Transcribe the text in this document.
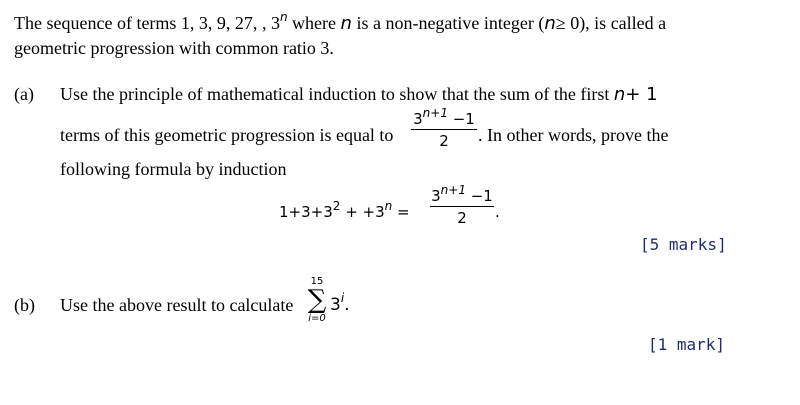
The sequence of terms 1, 3, 9, 27, , 3$^n$ where n is a non-negative integer (n≥ 0), is called a
geometric progression with common ratio 3.
(a) Use the principle of mathematical induction to show that the sum of the first n+ 1
terms of this geometric progression is equal to
$3^{n+1} -1$
2	. In other words, prove the
following formula by induction
$1+3+3^2 + +3^n$ =
$3^{n+1} -1$
2	.
[5 marks]
(b) Use the above result to calculate
15
∑
i=0
3$^i$.
[1 mark]
